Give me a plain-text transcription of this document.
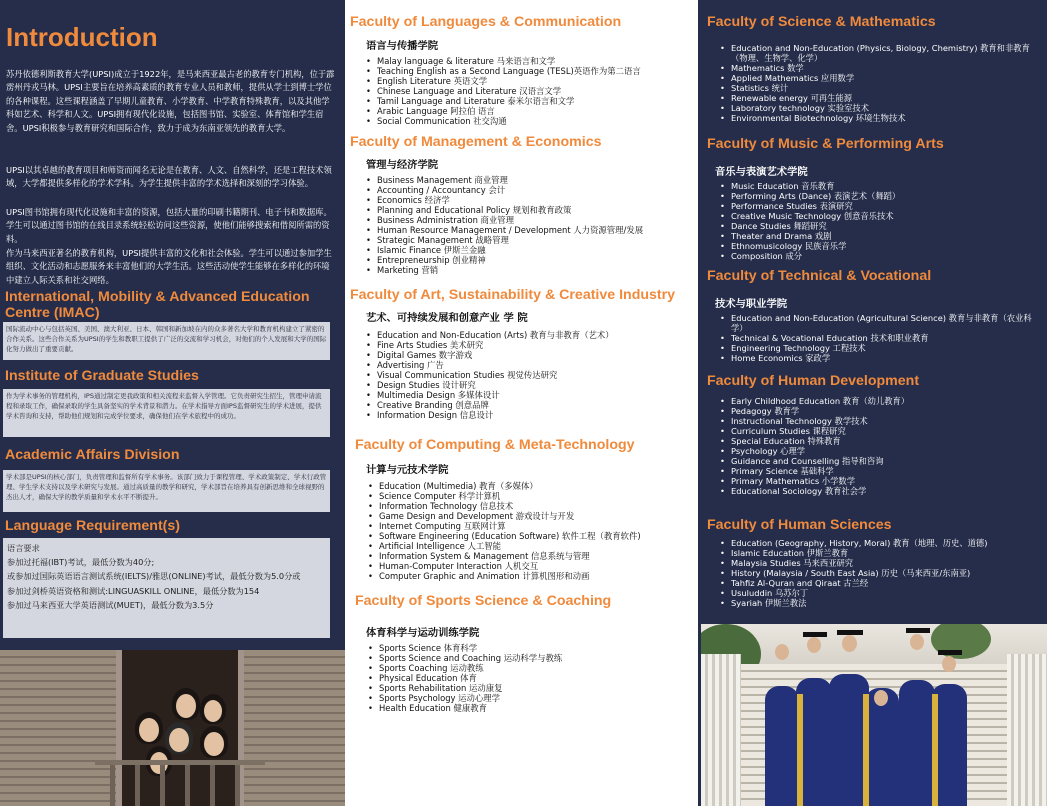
Introduction
苏丹依德利斯教育大学(UPSI)成立于1922年，是马来西亚最古老的教育专门机构，位于霹雳州丹戎马林。UPSI主要旨在培养高素质的教育专业人员和教师，提供从学士到博士学位的各种课程。这些课程涵盖了早期儿童教育、小学教育、中学教育特殊教育，以及其他学科如艺术、科学和人文。UPSI拥有现代化设施，包括图书馆、实验室、体育馆和学生宿舍。UPSI积极参与教育研究和国际合作，致力于成为东南亚领先的教育大学。
UPSI以其卓越的教育项目和师资而闻名无论是在教育、人文、自然科学，还是工程技术领域，大学都提供多样化的学术学科。为学生提供丰富的学术选择和深刻的学习体验。
UPSI图书馆拥有现代化设施和丰富的资源，包括大量的印刷书籍期刊、电子书和数据库。学生可以通过图书馆的在线目录系统轻松访问这些资源，使他们能够搜索和借阅所需的资料。
作为马来西亚著名的教育机构，UPSI提供丰富的文化和社会体验。学生可以通过参加学生组织、文化活动和志愿服务来丰富他们的大学生活。这些活动使学生能够在多样化的环境中建立人际关系和社交网络。
International, Mobility & Advanced Education Centre (IMAC)
国际流动中心与包括英国、美国、澳大利亚、日本、韩国和新加坡在内的众多著名大学和教育机构建立了紧密的合作关系。这些合作关系为UPSI的学生和教职工提供了广泛的交流和学习机会，对他们的个人发展和大学的国际化努力做出了重要贡献。
Institute of Graduate Studies
作为学术事务的管理机构，IPS通过制定更我政策和相关流程来监督入学管理。它负责研究生招生，管理申请流程和录取工作，确保录取的学生具备坚实的学术背景和潜力。在学术指导方面IPS监督研究生的学术进展，提供学术咨询和支持，帮助他们规划和完成学位要求，确保他们在学术旅程中的成功。
Academic Affairs Division
学术部是UPSI的核心部门，负责管理和监督所有学术事务。该部门致力于课程管理、学术政策制定、学术行政管理、学生学术支持以及学术研究与发展。通过高质量的教学和研究，学术部旨在培养具有创新思维和全球视野的杰出人才，确保大学的教学质量和学术水平不断提升。
Language Requirement(s)
语言要求
参加过托福(IBT)考试，最低分数为40分;
或参加过国际英语语言测试系统(IELTS)/雅思(ONLINE)考试，最低分数为5.0分或
参加过剑桥英语资格和测试:LINGUASKILL ONLINE，最低分数为154
参加过马来西亚大学英语测试(MUET)，最低分数为3.5分
Faculty of Languages & Communication
语言与传播学院
• Malay language & literature 马来语言和文学
• Teaching English as a Second Language (TESL)英语作为第二语言
• English Literature 英语文学
• Chinese Language and Literature 汉语言文学
• Tamil Language and Literature 泰米尔语言和文学
• Arabic Language 阿拉伯 语言
• Social Communication 社交沟通
Faculty of Management & Economics
管理与经济学院
• Business Management 商业管理
• Accounting / Accountancy 会计
• Economics 经济学
• Planning and Educational Policy 规划和教育政策
• Business Administration 商业管理
• Human Resource Management / Development 人力资源管理/发展
• Strategic Management 战略管理
• Islamic Finance 伊斯兰金融
• Entrepreneurship 创业精神
• Marketing 营销
Faculty of Art, Sustainability & Creative Industry
艺术、可持续发展和创意产业 学 院
• Education and Non-Education (Arts) 教育与非教育（艺术）
• Fine Arts Studies 美术研究
• Digital Games 数字游戏
• Advertising 广告
• Visual Communication Studies 视觉传达研究
• Design Studies 设计研究
• Multimedia Design 多媒体设计
• Creative Branding 创意品牌
• Information Design 信息设计
Faculty of Computing & Meta-Technology
计算与元技术学院
• Education (Multimedia) 教育（多媒体）
• Science Computer 科学计算机
• Information Technology 信息技术
• Game Design and Development 游戏设计与开发
• Internet Computing 互联网计算
• Software Engineering (Education Software) 软件工程（教育软件)
• Artificial Intelligence 人工智能
• Information System & Management 信息系统与管理
• Human-Computer Interaction 人机交互
• Computer Graphic and Animation 计算机图形和动画
Faculty of Sports Science & Coaching
体育科学与运动训练学院
• Sports Science 体育科学
• Sports Science and Coaching 运动科学与教练
• Sports Coaching 运动教练
• Physical Education 体育
• Sports Rehabilitation 运动康复
• Sports Psychology 运动心理学
• Health Education 健康教育
Faculty of Science & Mathematics
• Education and Non-Education (Physics, Biology, Chemistry) 教育和非教育（物理、生物学、化学）
• Mathematics 数学
• Applied Mathematics 应用数学
• Statistics 统计
• Renewable energy 可再生能源
• Laboratory technology 实验室技术
• Environmental Biotechnology 环境生物技术
Faculty of Music & Performing Arts
音乐与表演艺术学院
• Music Education 音乐教育
• Performing Arts (Dance) 表演艺术（舞蹈）
• Performance Studies 表演研究
• Creative Music Technology 创意音乐技术
• Dance Studies 舞蹈研究
• Theater and Drama 戏剧
• Ethnomusicology 民族音乐学
• Composition 成分
Faculty of Technical & Vocational
技术与职业学院
• Education and Non-Education (Agricultural Science) 教育与非教育（农业科学）
• Technical & Vocational Education 技术和职业教育
• Engineering Technology 工程技术
• Home Economics 家政学
Faculty of Human Development
• Early Childhood Education 教育（幼儿教育）
• Pedagogy 教育学
• Instructional Technology 教学技术
• Curriculum Studies 课程研究
• Special Education 特殊教育
• Psychology 心理学
• Guidance and Counselling 指导和咨询
• Primary Science 基础科学
• Primary Mathematics 小学数学
• Educational Sociology 教育社会学
Faculty of Human Sciences
• Education (Geography, History, Moral) 教育（地理、历史、道德)
• Islamic Education 伊斯兰教育
• Malaysia Studies 马来西亚研究
• History (Malaysia / South East Asia) 历史（马来西亚/东南亚)
• Tahfiz Al-Quran and Qiraat 古兰经
• Usuluddin 乌苏尔丁
• Syariah 伊斯兰教法
